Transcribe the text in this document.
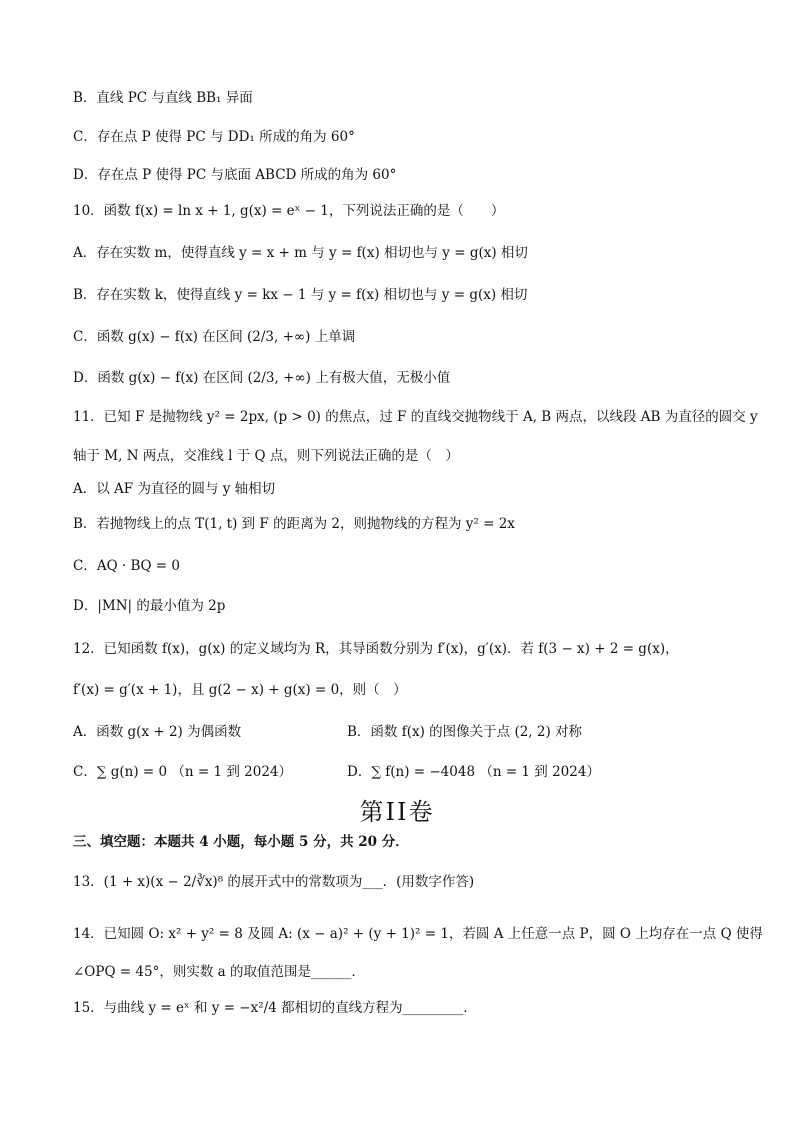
B．直线 PC 与直线 BB₁ 异面
C．存在点 P 使得 PC 与 DD₁ 所成的角为 60°
D．存在点 P 使得 PC 与底面 ABCD 所成的角为 60°
10．函数 f(x) = ln x + 1, g(x) = eˣ − 1，下列说法正确的是（　　）
A．存在实数 m，使得直线 y = x + m 与 y = f(x) 相切也与 y = g(x) 相切
B．存在实数 k，使得直线 y = kx − 1 与 y = f(x) 相切也与 y = g(x) 相切
C．函数 g(x) − f(x) 在区间 (2/3, +∞) 上单调
D．函数 g(x) − f(x) 在区间 (2/3, +∞) 上有极大值，无极小值
11．已知 F 是抛物线 y² = 2px, (p > 0) 的焦点，过 F 的直线交抛物线于 A, B 两点，以线段 AB 为直径的圆交 y
轴于 M, N 两点，交准线 l 于 Q 点，则下列说法正确的是（　）
A．以 AF 为直径的圆与 y 轴相切
B．若抛物线上的点 T(1, t) 到 F 的距离为 2，则抛物线的方程为 y² = 2x
C．AQ · BQ = 0
D．|MN| 的最小值为 2p
12．已知函数 f(x)，g(x) 的定义域均为 R，其导函数分别为 f′(x)，g′(x)．若 f(3 − x) + 2 = g(x)，
f′(x) = g′(x + 1)，且 g(2 − x) + g(x) = 0，则（　）
A．函数 g(x + 2) 为偶函数	B．函数 f(x) 的图像关于点 (2, 2) 对称
C．∑ g(n) = 0 （n = 1 到 2024）	D．∑ f(n) = −4048 （n = 1 到 2024）
第II卷
三、填空题：本题共 4 小题，每小题 5 分，共 20 分．
13．(1 + x)(x − 2/∛x)⁸ 的展开式中的常数项为___．(用数字作答)
14．已知圆 O: x² + y² = 8 及圆 A: (x − a)² + (y + 1)² = 1，若圆 A 上任意一点 P，圆 O 上均存在一点 Q 使得
∠OPQ = 45°，则实数 a 的取值范围是______．
15．与曲线 y = eˣ 和 y = −x²/4 都相切的直线方程为_________．
